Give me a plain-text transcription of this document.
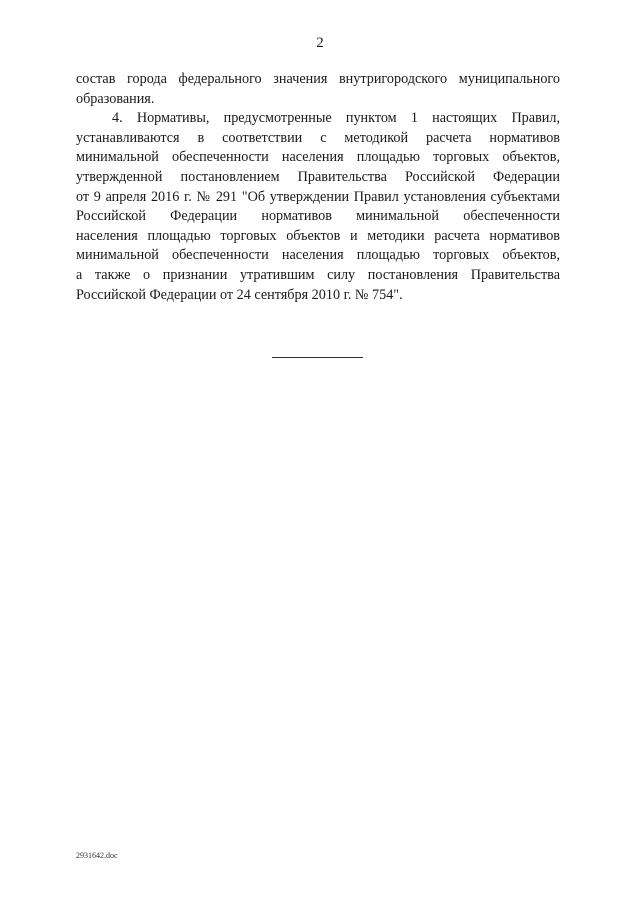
2
состав города федерального значения внутригородского муниципального
образования.
4. Нормативы, предусмотренные пунктом 1 настоящих Правил,
устанавливаются в соответствии с методикой расчета нормативов
минимальной обеспеченности населения площадью торговых объектов,
утвержденной постановлением Правительства Российской Федерации
от 9 апреля 2016 г. № 291 "Об утверждении Правил установления субъектами
Российской Федерации нормативов минимальной обеспеченности
населения площадью торговых объектов и методики расчета нормативов
минимальной обеспеченности населения площадью торговых объектов,
а также о признании утратившим силу постановления Правительства
Российской Федерации от 24 сентября 2010 г. № 754".
2931642.doc
